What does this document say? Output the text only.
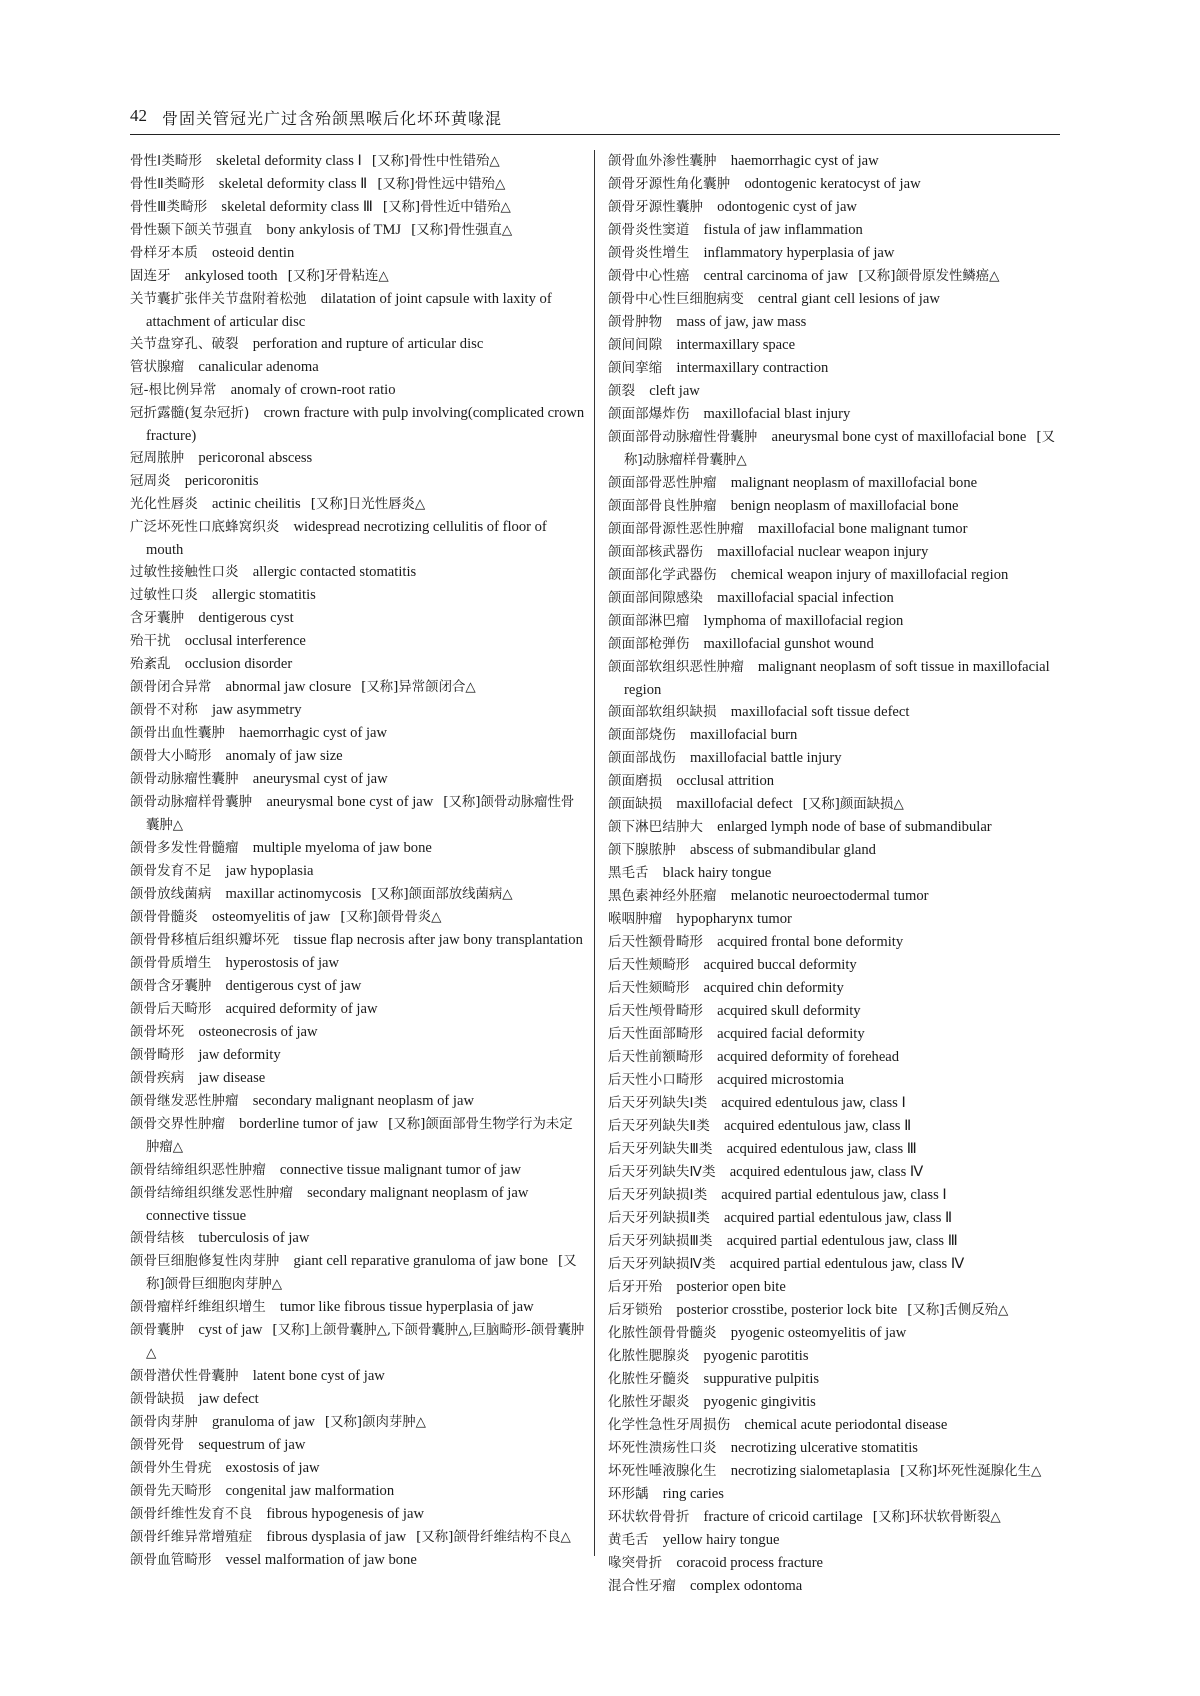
42 骨固关管冠光广过含殆颌黑喉后化坏环黄喙混

骨性Ⅰ类畸形 skeletal deformity class Ⅰ [又称]骨性中性错殆△

骨性Ⅱ类畸形 skeletal deformity class Ⅱ [又称]骨性远中错殆△

骨性Ⅲ类畸形 skeletal deformity class Ⅲ [又称]骨性近中错殆△

骨性颞下颌关节强直 bony ankylosis of TMJ [又称]骨性强直△

骨样牙本质 osteoid dentin

固连牙 ankylosed tooth [又称]牙骨粘连△

关节囊扩张伴关节盘附着松弛 dilatation of joint capsule with laxity of attachment of articular disc

关节盘穿孔、破裂 perforation and rupture of articular disc

管状腺瘤 canalicular adenoma

冠-根比例异常 anomaly of crown-root ratio

冠折露髓(复杂冠折) crown fracture with pulp involving(complicated crown fracture)

冠周脓肿 pericoronal abscess

冠周炎 pericoronitis

光化性唇炎 actinic cheilitis [又称]日光性唇炎△

广泛坏死性口底蜂窝织炎 widespread necrotizing cellulitis of floor of mouth

过敏性接触性口炎 allergic contacted stomatitis

过敏性口炎 allergic stomatitis

含牙囊肿 dentigerous cyst

殆干扰 occlusal interference

殆紊乱 occlusion disorder

颌骨闭合异常 abnormal jaw closure [又称]异常颌闭合△

颌骨不对称 jaw asymmetry

颌骨出血性囊肿 haemorrhagic cyst of jaw

颌骨大小畸形 anomaly of jaw size

颌骨动脉瘤性囊肿 aneurysmal cyst of jaw

颌骨动脉瘤样骨囊肿 aneurysmal bone cyst of jaw [又称]颌骨动脉瘤性骨囊肿△

颌骨多发性骨髓瘤 multiple myeloma of jaw bone

颌骨发育不足 jaw hypoplasia

颌骨放线菌病 maxillar actinomycosis [又称]颌面部放线菌病△

颌骨骨髓炎 osteomyelitis of jaw [又称]颌骨骨炎△

颌骨骨移植后组织瓣坏死 tissue flap necrosis after jaw bony transplantation

颌骨骨质增生 hyperostosis of jaw

颌骨含牙囊肿 dentigerous cyst of jaw

颌骨后天畸形 acquired deformity of jaw

颌骨坏死 osteonecrosis of jaw

颌骨畸形 jaw deformity

颌骨疾病 jaw disease

颌骨继发恶性肿瘤 secondary malignant neoplasm of jaw

颌骨交界性肿瘤 borderline tumor of jaw [又称]颌面部骨生物学行为未定肿瘤△

颌骨结缔组织恶性肿瘤 connective tissue malignant tumor of jaw

颌骨结缔组织继发恶性肿瘤 secondary malignant neoplasm of jaw connective tissue

颌骨结核 tuberculosis of jaw

颌骨巨细胞修复性肉芽肿 giant cell reparative granuloma of jaw bone [又称]颌骨巨细胞肉芽肿△

颌骨瘤样纤维组织增生 tumor like fibrous tissue hyperplasia of jaw

颌骨囊肿 cyst of jaw [又称]上颌骨囊肿△,下颌骨囊肿△,巨脑畸形-颌骨囊肿△

颌骨潜伏性骨囊肿 latent bone cyst of jaw

颌骨缺损 jaw defect

颌骨肉芽肿 granuloma of jaw [又称]颌肉芽肿△

颌骨死骨 sequestrum of jaw

颌骨外生骨疣 exostosis of jaw

颌骨先天畸形 congenital jaw malformation

颌骨纤维性发育不良 fibrous hypogenesis of jaw

颌骨纤维异常增殖症 fibrous dysplasia of jaw [又称]颌骨纤维结构不良△

颌骨血管畸形 vessel malformation of jaw bone

颌骨血外渗性囊肿 haemorrhagic cyst of jaw

颌骨牙源性角化囊肿 odontogenic keratocyst of jaw

颌骨牙源性囊肿 odontogenic cyst of jaw

颌骨炎性窦道 fistula of jaw inflammation

颌骨炎性增生 inflammatory hyperplasia of jaw

颌骨中心性癌 central carcinoma of jaw [又称]颌骨原发性鳞癌△

颌骨中心性巨细胞病变 central giant cell lesions of jaw

颌骨肿物 mass of jaw, jaw mass

颌间间隙 intermaxillary space

颌间挛缩 intermaxillary contraction

颌裂 cleft jaw

颌面部爆炸伤 maxillofacial blast injury

颌面部骨动脉瘤性骨囊肿 aneurysmal bone cyst of maxillofacial bone [又称]动脉瘤样骨囊肿△

颌面部骨恶性肿瘤 malignant neoplasm of maxillofacial bone

颌面部骨良性肿瘤 benign neoplasm of maxillofacial bone

颌面部骨源性恶性肿瘤 maxillofacial bone malignant tumor

颌面部核武器伤 maxillofacial nuclear weapon injury

颌面部化学武器伤 chemical weapon injury of maxillofacial region

颌面部间隙感染 maxillofacial spacial infection

颌面部淋巴瘤 lymphoma of maxillofacial region

颌面部枪弹伤 maxillofacial gunshot wound

颌面部软组织恶性肿瘤 malignant neoplasm of soft tissue in maxillofacial region

颌面部软组织缺损 maxillofacial soft tissue defect

颌面部烧伤 maxillofacial burn

颌面部战伤 maxillofacial battle injury

颌面磨损 occlusal attrition

颌面缺损 maxillofacial defect [又称]颜面缺损△

颌下淋巴结肿大 enlarged lymph node of base of submandibular

颌下腺脓肿 abscess of submandibular gland

黑毛舌 black hairy tongue

黑色素神经外胚瘤 melanotic neuroectodermal tumor

喉咽肿瘤 hypopharynx tumor

后天性额骨畸形 acquired frontal bone deformity

后天性颊畸形 acquired buccal deformity

后天性颏畸形 acquired chin deformity

后天性颅骨畸形 acquired skull deformity

后天性面部畸形 acquired facial deformity

后天性前额畸形 acquired deformity of forehead

后天性小口畸形 acquired microstomia

后天牙列缺失Ⅰ类 acquired edentulous jaw, class Ⅰ

后天牙列缺失Ⅱ类 acquired edentulous jaw, class Ⅱ

后天牙列缺失Ⅲ类 acquired edentulous jaw, class Ⅲ

后天牙列缺失Ⅳ类 acquired edentulous jaw, class Ⅳ

后天牙列缺损Ⅰ类 acquired partial edentulous jaw, class Ⅰ

后天牙列缺损Ⅱ类 acquired partial edentulous jaw, class Ⅱ

后天牙列缺损Ⅲ类 acquired partial edentulous jaw, class Ⅲ

后天牙列缺损Ⅳ类 acquired partial edentulous jaw, class Ⅳ

后牙开殆 posterior open bite

后牙锁殆 posterior crosstibe, posterior lock bite [又称]舌侧反殆△

化脓性颌骨骨髓炎 pyogenic osteomyelitis of jaw

化脓性腮腺炎 pyogenic parotitis

化脓性牙髓炎 suppurative pulpitis

化脓性牙龈炎 pyogenic gingivitis

化学性急性牙周损伤 chemical acute periodontal disease

坏死性溃疡性口炎 necrotizing ulcerative stomatitis

坏死性唾液腺化生 necrotizing sialometaplasia [又称]坏死性涎腺化生△

环形龋 ring caries

环状软骨骨折 fracture of cricoid cartilage [又称]环状软骨断裂△

黄毛舌 yellow hairy tongue

喙突骨折 coracoid process fracture

混合性牙瘤 complex odontoma
